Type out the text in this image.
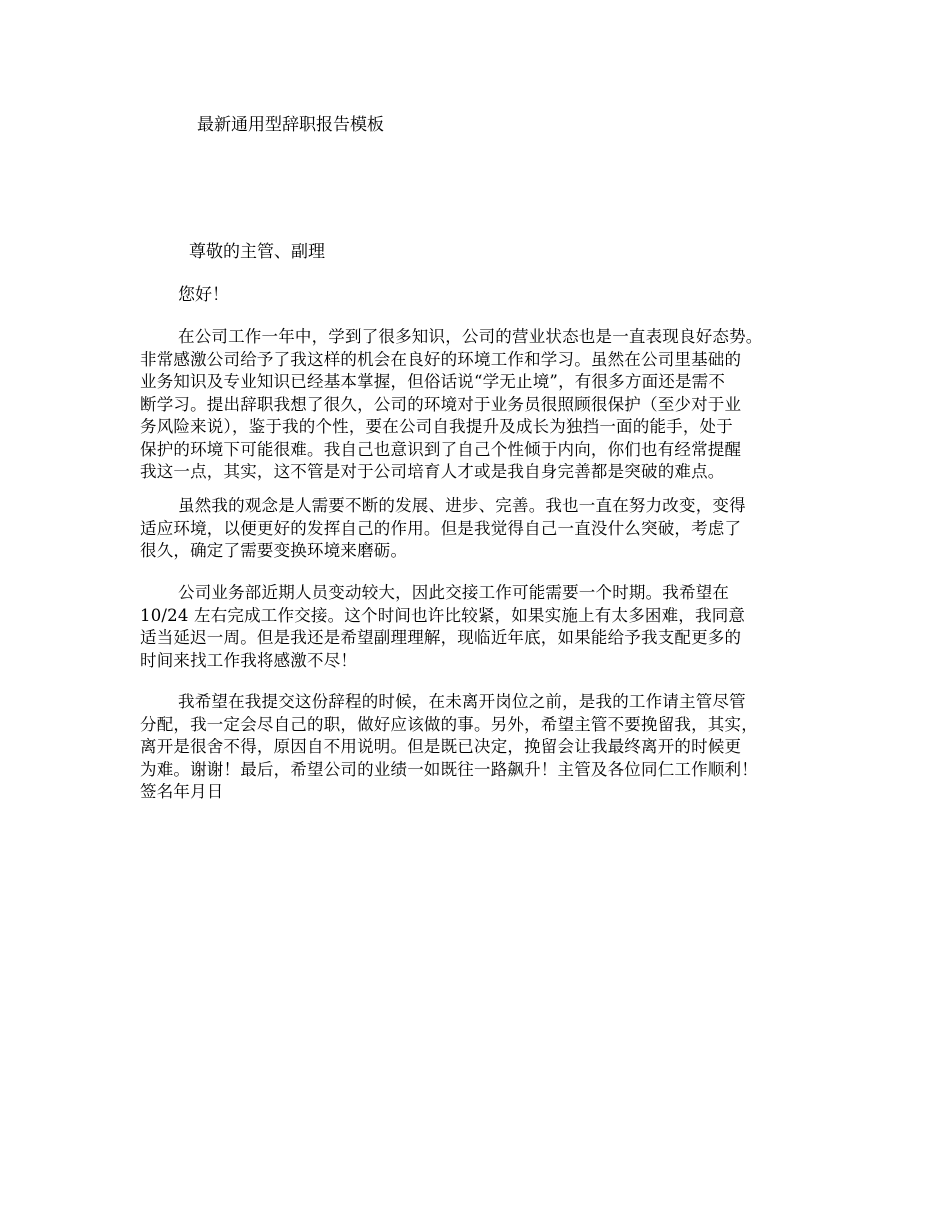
最新通用型辞职报告模板
尊敬的主管、副理
您好！
在公司工作一年中，学到了很多知识，公司的营业状态也是一直表现良好态势。
非常感激公司给予了我这样的机会在良好的环境工作和学习。虽然在公司里基础的
业务知识及专业知识已经基本掌握，但俗话说“学无止境”，有很多方面还是需不
断学习。提出辞职我想了很久，公司的环境对于业务员很照顾很保护（至少对于业
务风险来说），鉴于我的个性，要在公司自我提升及成长为独挡一面的能手，处于
保护的环境下可能很难。我自己也意识到了自己个性倾于内向，你们也有经常提醒
我这一点，其实，这不管是对于公司培育人才或是我自身完善都是突破的难点。
虽然我的观念是人需要不断的发展、进步、完善。我也一直在努力改变，变得
适应环境，以便更好的发挥自己的作用。但是我觉得自己一直没什么突破，考虑了
很久，确定了需要变换环境来磨砺。
公司业务部近期人员变动较大，因此交接工作可能需要一个时期。我希望在
10/24 左右完成工作交接。这个时间也许比较紧，如果实施上有太多困难，我同意
适当延迟一周。但是我还是希望副理理解，现临近年底，如果能给予我支配更多的
时间来找工作我将感激不尽！
我希望在我提交这份辞程的时候，在未离开岗位之前，是我的工作请主管尽管
分配，我一定会尽自己的职，做好应该做的事。另外，希望主管不要挽留我，其实，
离开是很舍不得，原因自不用说明。但是既已决定，挽留会让我最终离开的时候更
为难。谢谢！最后，希望公司的业绩一如既往一路飙升！主管及各位同仁工作顺利！
签名年月日
